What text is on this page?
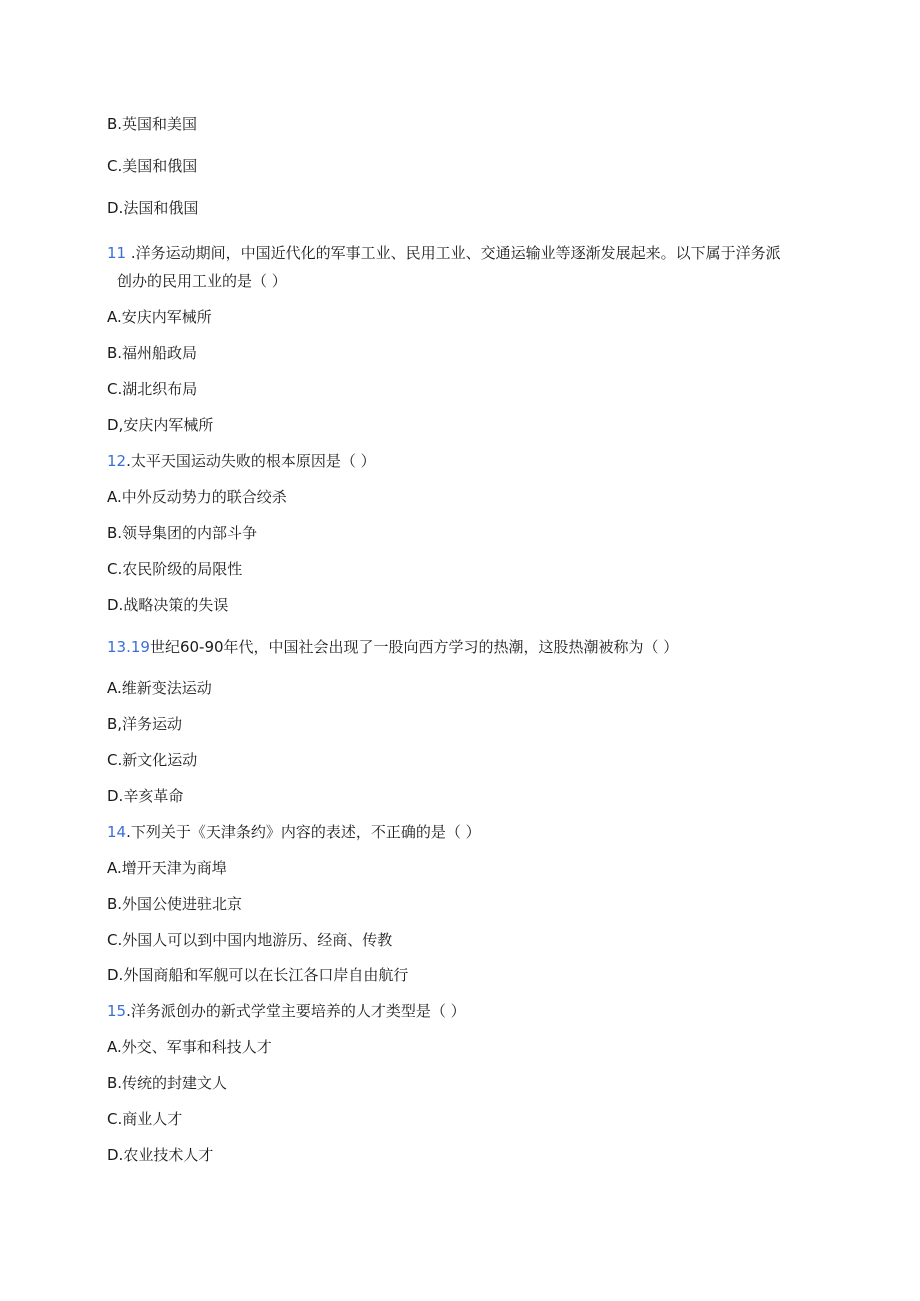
B.英国和美国
C.美国和俄国
D.法国和俄国
11 .洋务运动期间，中国近代化的军事工业、民用工业、交通运输业等逐渐发展起来。以下属于洋务派
创办的民用工业的是（ ）
A.安庆内军械所
B.福州船政局
C.湖北织布局
D,安庆内军械所
12.太平天国运动失败的根本原因是（ ）
A.中外反动势力的联合绞杀
B.领导集团的内部斗争
C.农民阶级的局限性
D.战略决策的失误
13.19世纪60-90年代，中国社会出现了一股向西方学习的热潮，这股热潮被称为（ ）
A.维新变法运动
B,洋务运动
C.新文化运动
D.辛亥革命
14.下列关于《天津条约》内容的表述，不正确的是（ ）
A.增开天津为商埠
B.外国公使进驻北京
C.外国人可以到中国内地游历、经商、传教
D.外国商船和军舰可以在长江各口岸自由航行
15.洋务派创办的新式学堂主要培养的人才类型是（ ）
A.外交、军事和科技人才
B.传统的封建文人
C.商业人才
D.农业技术人才
